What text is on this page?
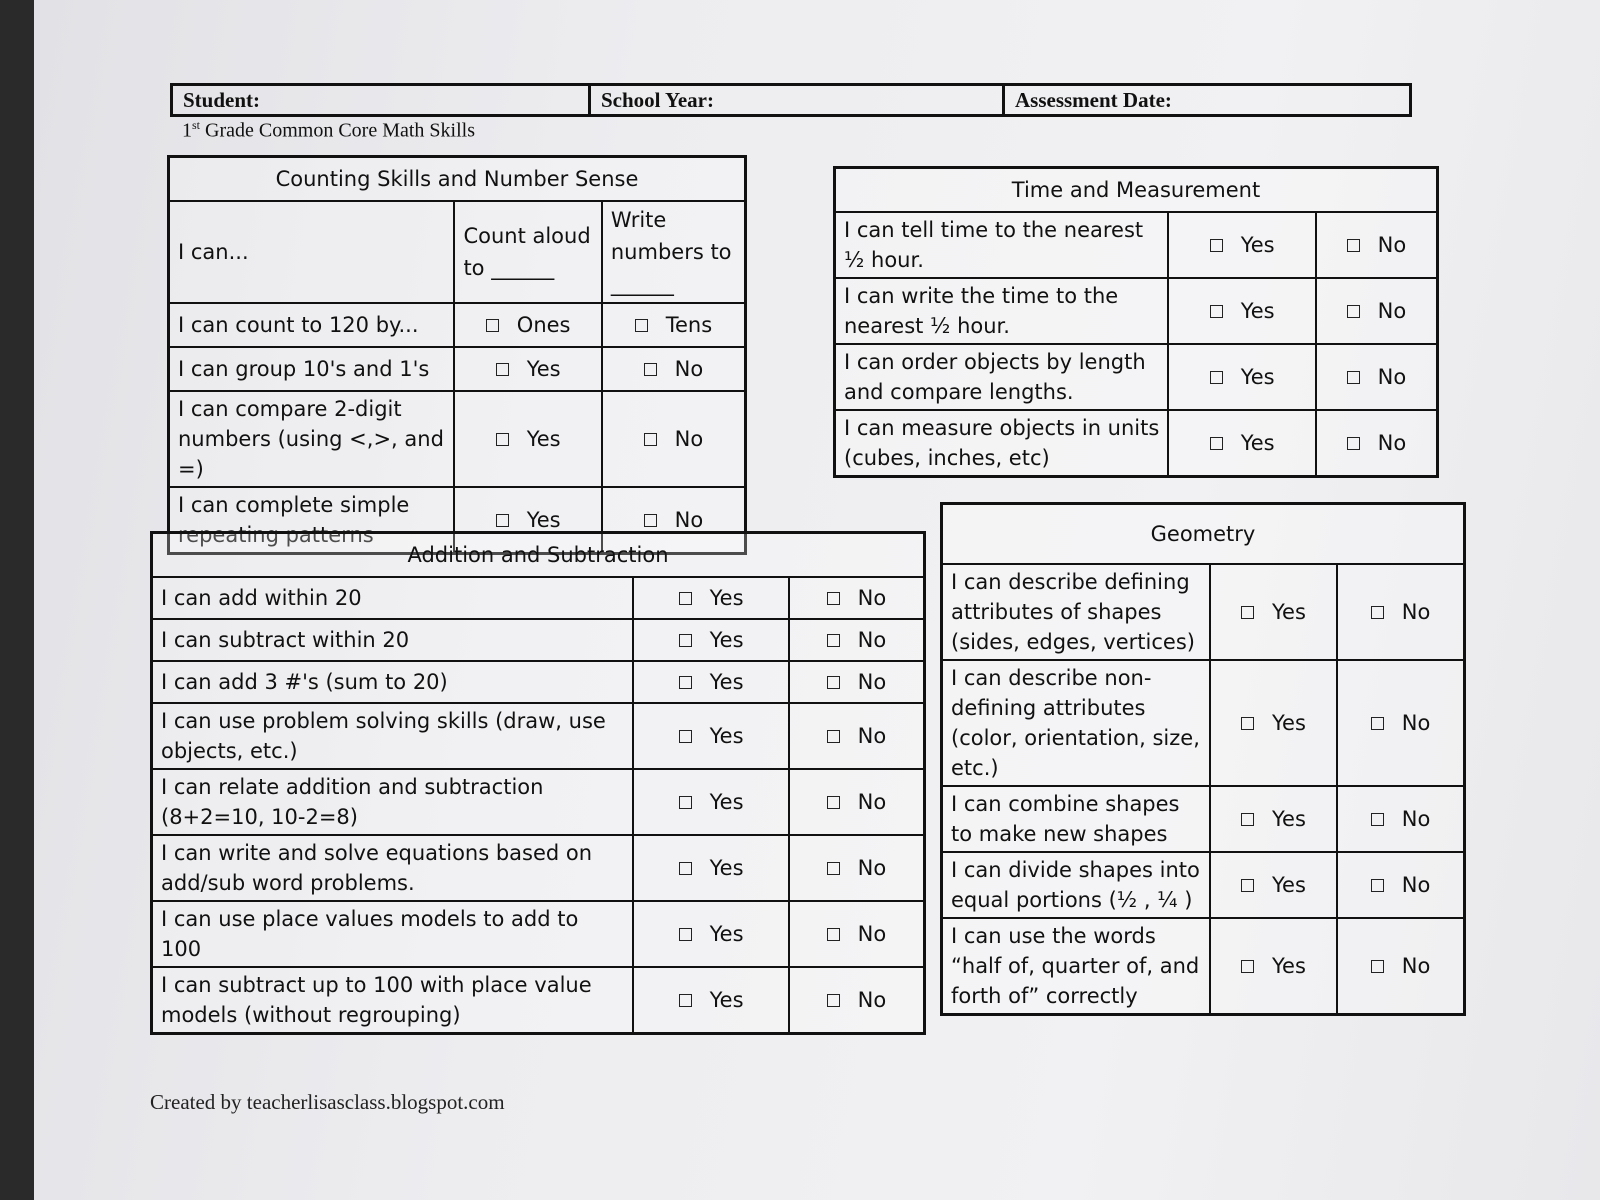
Student:	School Year:	Assessment Date:
1st Grade Common Core Math Skills
Counting Skills and Number Sense		
I can...	Count aloud to ______	Write numbers to ______
I can count to 120 by...	Ones	Tens
I can group 10's and 1's	Yes	No
I can compare 2-digit numbers (using <,>, and =)	Yes	No
I can complete simple repeating patterns	Yes	No
Time and Measurement		
I can tell time to the nearest ½ hour.	Yes	No
I can write the time to the nearest ½ hour.	Yes	No
I can order objects by length and compare lengths.	Yes	No
I can measure objects in units (cubes, inches, etc)	Yes	No
Addition and Subtraction		
I can add within 20	Yes	No
I can subtract within 20	Yes	No
I can add 3 #'s (sum to 20)	Yes	No
I can use problem solving skills (draw, use objects, etc.)	Yes	No
I can relate addition and subtraction (8+2=10, 10-2=8)	Yes	No
I can write and solve equations based on add/sub word problems.	Yes	No
I can use place values models to add to 100	Yes	No
I can subtract up to 100 with place value models (without regrouping)	Yes	No
Geometry		
I can describe defining attributes of shapes (sides, edges, vertices)	Yes	No
I can describe non-defining attributes (color, orientation, size, etc.)	Yes	No
I can combine shapes to make new shapes	Yes	No
I can divide shapes into equal portions (½ , ¼ )	Yes	No
I can use the words “half of, quarter of, and forth of” correctly	Yes	No
Created by teacherlisasclass.blogspot.com
